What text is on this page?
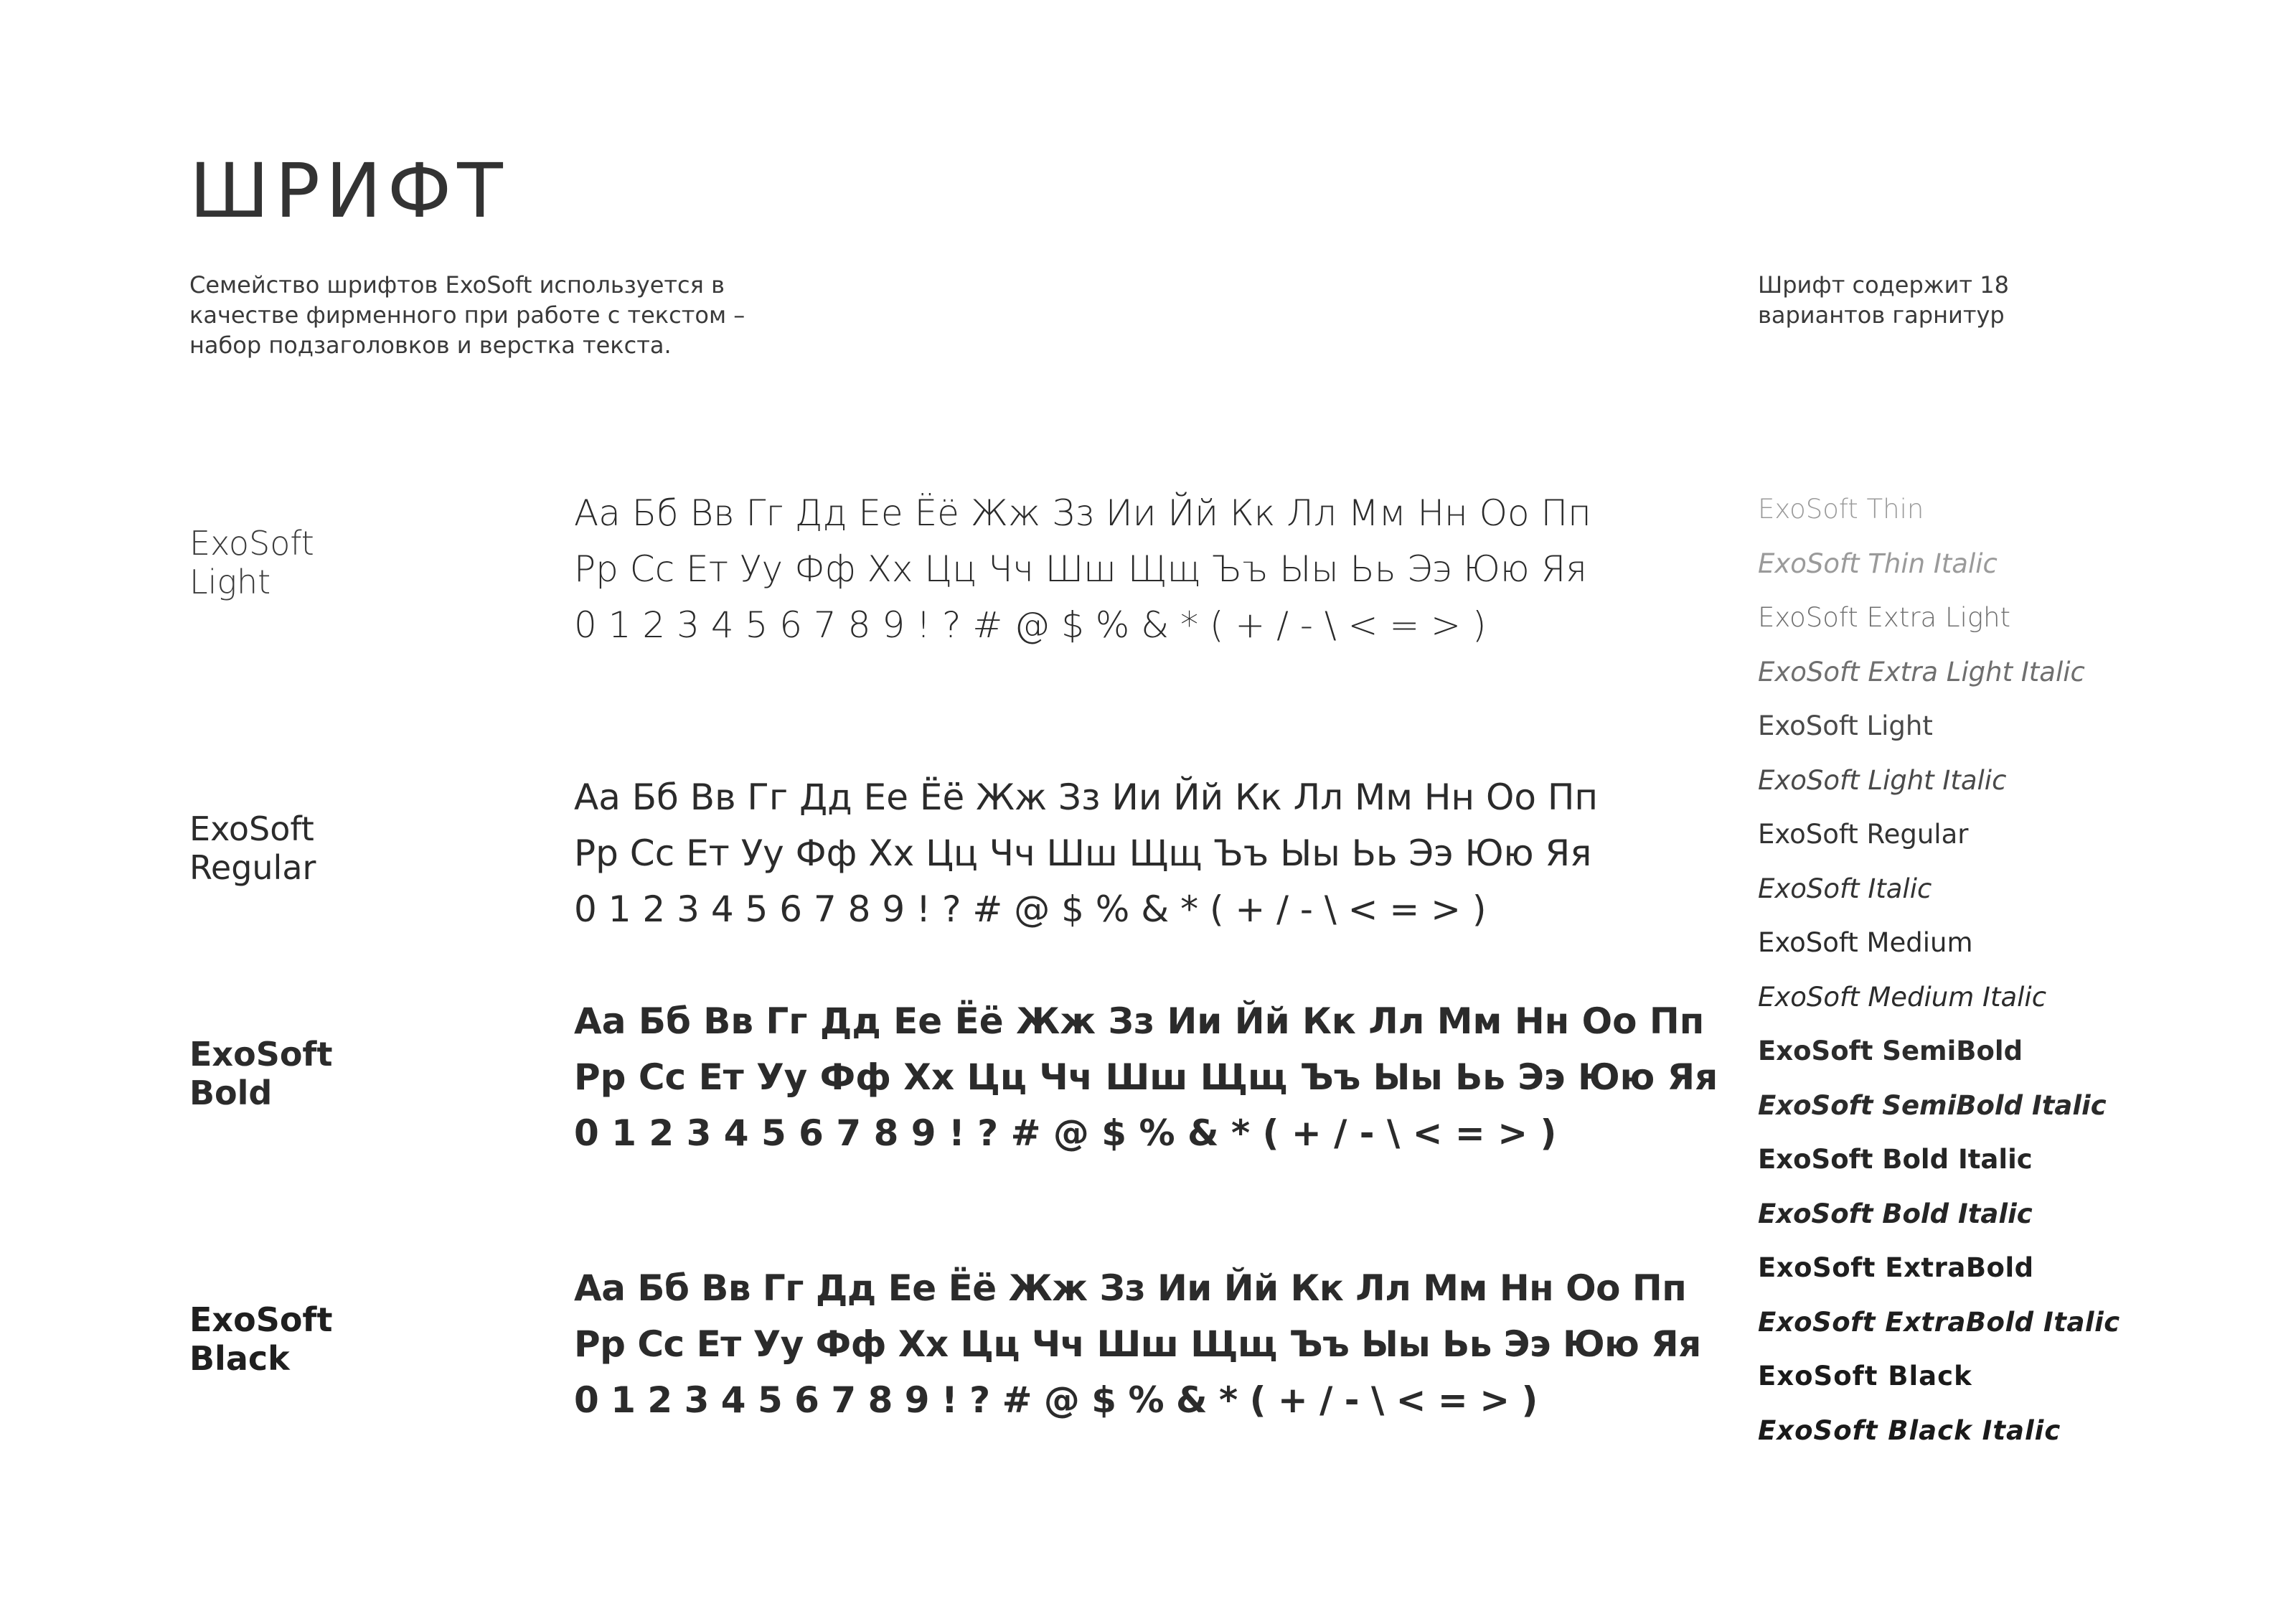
ШРИФТ

Семейство шрифтов ExoSoft используется в качестве фирменного при работе с текстом – набор подзаголовков и верстка текста.

Шрифт содержит 18 вариантов гарнитур

ExoSoft
Light
Аа Бб Вв Гг Дд Ее Ёё Жж Зз Ии Йй Кк Лл Мм Нн Оо Пп
Рр Сс Ет Уу Фф Хх Цц Чч Шш Щщ Ъъ Ыы Ьь Ээ Юю Яя
0 1 2 3 4 5 6 7 8 9 ! ? # @ $ % & * ( + / - \ < = > )
ExoSoft
Regular
Аа Бб Вв Гг Дд Ее Ёё Жж Зз Ии Йй Кк Лл Мм Нн Оо Пп
Рр Сс Ет Уу Фф Хх Цц Чч Шш Щщ Ъъ Ыы Ьь Ээ Юю Яя
0 1 2 3 4 5 6 7 8 9 ! ? # @ $ % & * ( + / - \ < = > )
ExoSoft
Bold
Аа Бб Вв Гг Дд Ее Ёё Жж Зз Ии Йй Кк Лл Мм Нн Оо Пп
Рр Сс Ет Уу Фф Хх Цц Чч Шш Щщ Ъъ Ыы Ьь Ээ Юю Яя
0 1 2 3 4 5 6 7 8 9 ! ? # @ $ % & * ( + / - \ < = > )
ExoSoft
Black
Аа Бб Вв Гг Дд Ее Ёё Жж Зз Ии Йй Кк Лл Мм Нн Оо Пп
Рр Сс Ет Уу Фф Хх Цц Чч Шш Щщ Ъъ Ыы Ьь Ээ Юю Яя
0 1 2 3 4 5 6 7 8 9 ! ? # @ $ % & * ( + / - \ < = > )
ExoSoft Thin
ExoSoft Thin Italic
ExoSoft Extra Light
ExoSoft Extra Light Italic
ExoSoft Light
ExoSoft Light Italic
ExoSoft Regular
ExoSoft Italic
ExoSoft Medium
ExoSoft Medium Italic
ExoSoft SemiBold
ExoSoft SemiBold Italic
ExoSoft Bold Italic
ExoSoft Bold Italic
ExoSoft ExtraBold
ExoSoft ExtraBold Italic
ExoSoft Black
ExoSoft Black Italic
